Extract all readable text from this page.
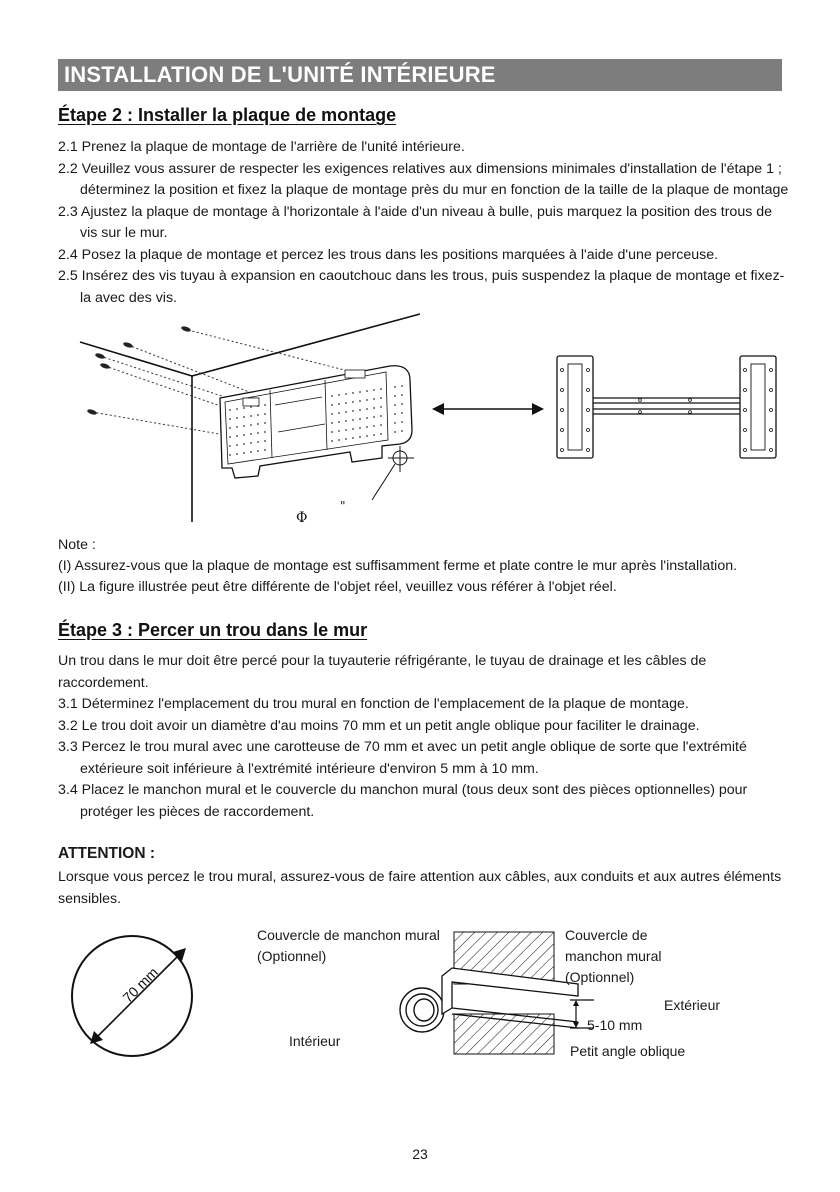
INSTALLATION DE L'UNITÉ INTÉRIEURE
Étape 2 : Installer la plaque de montage
2.1 Prenez la plaque de montage de l'arrière de l'unité intérieure.
2.2 Veuillez vous assurer de respecter les exigences relatives aux dimensions minimales d'installation de l'étape 1 ; déterminez la position et fixez la plaque de montage près du mur en fonction de la taille de la plaque de montage
2.3 Ajustez la plaque de montage à l'horizontale à l'aide d'un niveau à bulle, puis marquez la position des trous de vis sur le mur.
2.4 Posez la plaque de montage et percez les trous dans les positions marquées à l'aide d'une perceuse.
2.5 Insérez des vis tuyau à expansion en caoutchouc dans les trous, puis suspendez la plaque de montage et fixez-la avec des vis.
Φ
"
Note :
(I) Assurez-vous que la plaque de montage est suffisamment ferme et plate contre le mur après l'installation.
(II) La figure illustrée peut être différente de l'objet réel, veuillez vous référer à l'objet réel.
Étape 3 : Percer un trou dans le mur
Un trou dans le mur doit être percé pour la tuyauterie réfrigérante, le tuyau de drainage et les câbles de raccordement.
3.1 Déterminez l'emplacement du trou mural en fonction de l'emplacement de la plaque de montage.
3.2 Le trou doit avoir un diamètre d'au moins 70 mm et un petit angle oblique pour faciliter le drainage.
3.3 Percez le trou mural avec une carotteuse de 70 mm et avec un petit angle oblique de sorte que l'extrémité extérieure soit inférieure à l'extrémité intérieure d'environ 5 mm à 10 mm.
3.4 Placez le manchon mural et le couvercle du manchon mural (tous deux sont des pièces optionnelles) pour protéger les pièces de raccordement.
ATTENTION :
Lorsque vous percez le trou mural, assurez-vous de faire attention aux câbles, aux conduits et aux autres éléments sensibles.
70 mm
Couvercle de manchon mural
(Optionnel)
Intérieur
Couvercle de
manchon mural
(Optionnel)
Extérieur
5-10 mm
Petit angle oblique
23
